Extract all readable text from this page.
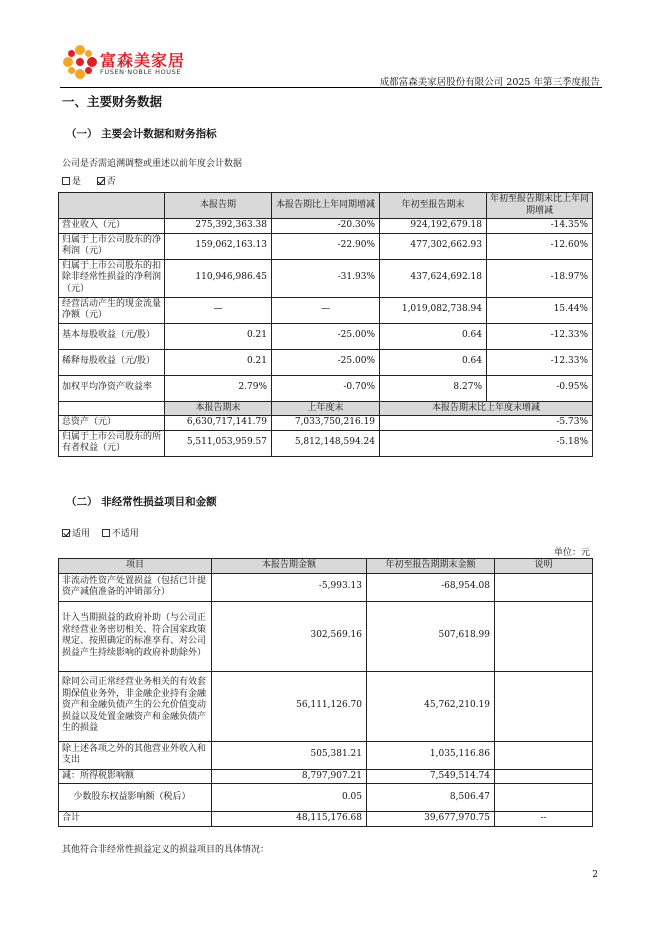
富森美家居
FUSEN·NOBLE HOUSE
成都富森美家居股份有限公司 2025 年第三季度报告
一、主要财务数据
（一） 主要会计数据和财务指标
公司是否需追溯调整或重述以前年度会计数据
是	否
	本报告期	本报告期比上年同期增减	年初至报告期末	年初至报告期末比上年同期增减
营业收入（元）	275,392,363.38	-20.30%	924,192,679.18	-14.35%
归属于上市公司股东的净利润（元）	159,062,163.13	-22.90%	477,302,662.93	-12.60%
归属于上市公司股东的扣除非经常性损益的净利润（元）	110,946,986.45	-31.93%	437,624,692.18	-18.97%
经营活动产生的现金流量净额（元）	—	—	1,019,082,738.94	15.44%
基本每股收益（元/股）	0.21	-25.00%	0.64	-12.33%
稀释每股收益（元/股）	0.21	-25.00%	0.64	-12.33%
加权平均净资产收益率	2.79%	-0.70%	8.27%	-0.95%
	本报告期末	上年度末	本报告期末比上年度末增减	
总资产（元）	6,630,717,141.79	7,033,750,216.19	-5.73%	
归属于上市公司股东的所有者权益（元）	5,511,053,959.57	5,812,148,594.24	-5.18%	
（二） 非经常性损益项目和金额
适用 不适用
单位：元
项目	本报告期金额	年初至报告期期末金额	说明
非流动性资产处置损益（包括已计提资产减值准备的冲销部分）	-5,993.13	-68,954.08	
计入当期损益的政府补助（与公司正常经营业务密切相关、符合国家政策规定、按照确定的标准享有、对公司损益产生持续影响的政府补助除外）	302,569.16	507,618.99	
除同公司正常经营业务相关的有效套期保值业务外，非金融企业持有金融资产和金融负债产生的公允价值变动损益以及处置金融资产和金融负债产生的损益	56,111,126.70	45,762,210.19	
除上述各项之外的其他营业外收入和支出	505,381.21	1,035,116.86	
减：所得税影响额	8,797,907.21	7,549,514.74	
少数股东权益影响额（税后）	0.05	8,506.47	
合计	48,115,176.68	39,677,970.75	--
其他符合非经常性损益定义的损益项目的具体情况：
2
